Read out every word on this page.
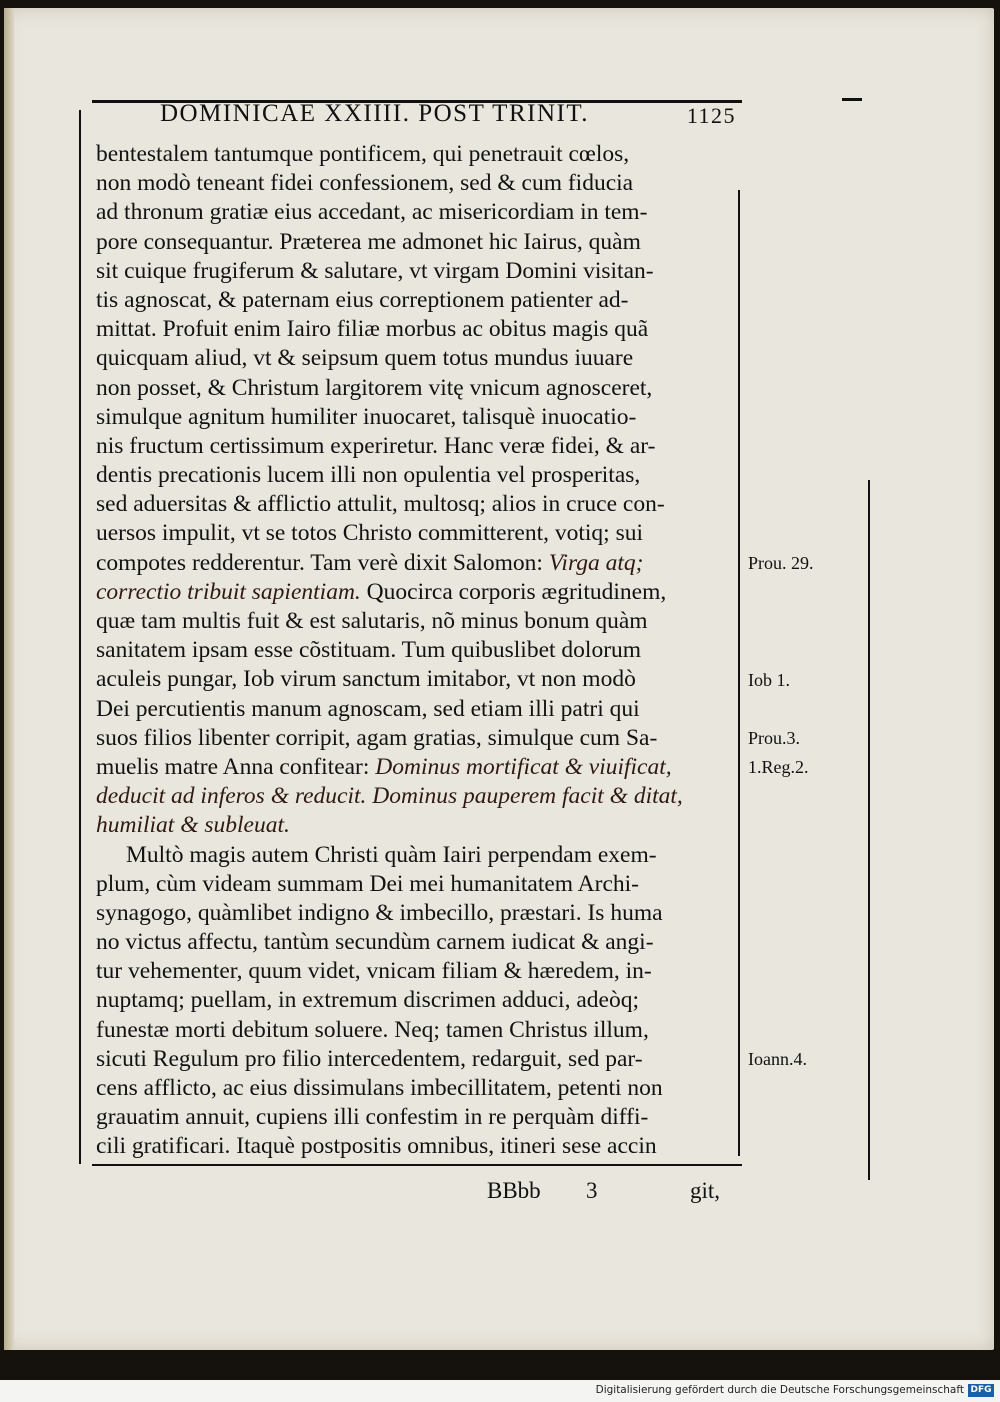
DOMINICAE XXIIII. POST TRINIT.	1125
bentestalem tantumque pontificem, qui penetrauit cœlos,
non modò teneant fidei confessionem, sed & cum fiducia
ad thronum gratiæ eius accedant, ac misericordiam in tem-
pore consequantur. Præterea me admonet hic Iairus, quàm
sit cuique frugiferum & salutare, vt virgam Domini visitan-
tis agnoscat, & paternam eius correptionem patienter ad-
mittat. Profuit enim Iairo filiæ morbus ac obitus magis quã
quicquam aliud, vt & seipsum quem totus mundus iuuare
non posset, & Christum largitorem vitę vnicum agnosceret,
simulque agnitum humiliter inuocaret, talisquè inuocatio-
nis fructum certissimum experiretur. Hanc veræ fidei, & ar-
dentis precationis lucem illi non opulentia vel prosperitas,
sed aduersitas & afflictio attulit, multosq; alios in cruce con-
uersos impulit, vt se totos Christo committerent, votiq; sui
compotes redderentur. Tam verè dixit Salomon: Virga atq;
correctio tribuit sapientiam. Quocirca corporis ægritudinem,
quæ tam multis fuit & est salutaris, nõ minus bonum quàm
sanitatem ipsam esse cõstituam. Tum quibuslibet dolorum
aculeis pungar, Iob virum sanctum imitabor, vt non modò
Dei percutientis manum agnoscam, sed etiam illi patri qui
suos filios libenter corripit, agam gratias, simulque cum Sa-
muelis matre Anna confitear: Dominus mortificat & viuificat,
deducit ad inferos & reducit. Dominus pauperem facit & ditat,
humiliat & subleuat.
Multò magis autem Christi quàm Iairi perpendam exem-
plum, cùm videam summam Dei mei humanitatem Archi-
synagogo, quàmlibet indigno & imbecillo, præstari. Is huma
no victus affectu, tantùm secundùm carnem iudicat & angi-
tur vehementer, quum videt, vnicam filiam & hæredem, in-
nuptamq; puellam, in extremum discrimen adduci, adeòq;
funestæ morti debitum soluere. Neq; tamen Christus illum,
sicuti Regulum pro filio intercedentem, redarguit, sed par-
cens afflicto, ac eius dissimulans imbecillitatem, petenti non
grauatim annuit, cupiens illi confestim in re perquàm diffi-
cili gratificari. Itaquè postpositis omnibus, itineri sese accin
Prou. 29.
Iob 1.
Prou.3.
1.Reg.2.
Ioann.4.
BBbb 3	git,
Digitalisierung gefördert durch die Deutsche Forschungsgemeinschaft DFG
